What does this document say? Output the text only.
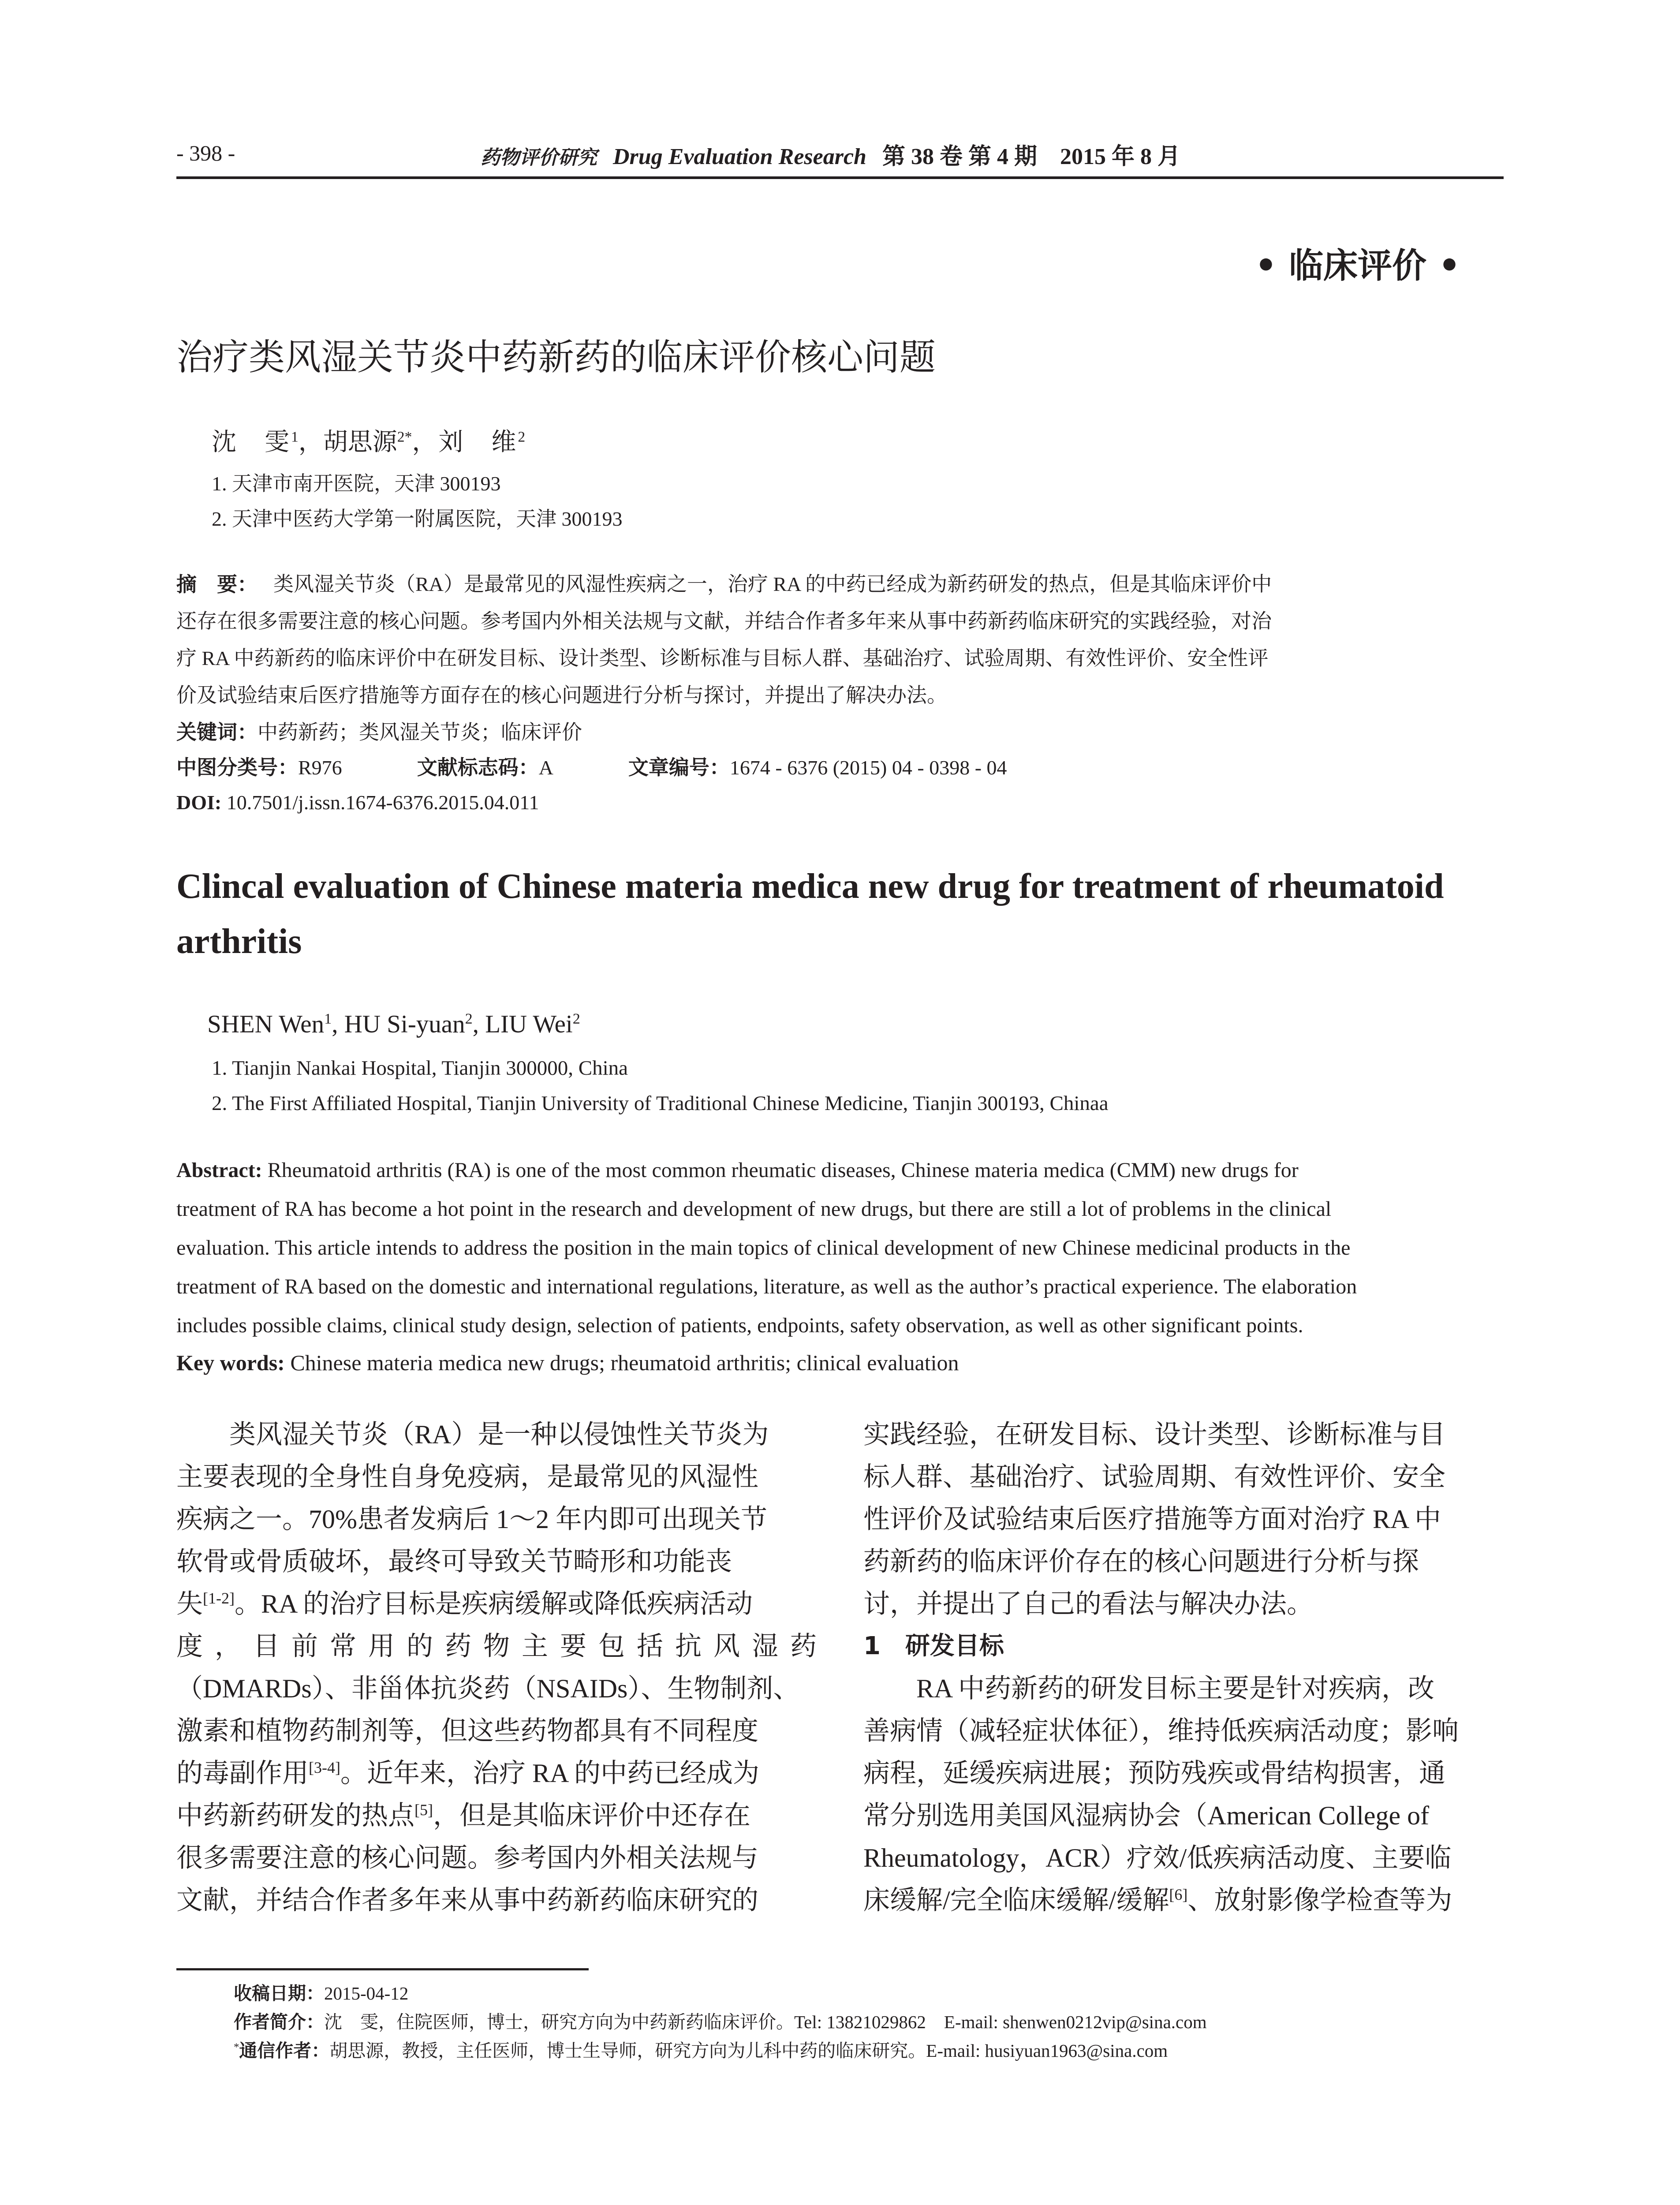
- 398 -	药物评价研究 Drug Evaluation Research 第 38 卷 第 4 期　2015 年 8 月
• 临床评价 •
治疗类风湿关节炎中药新药的临床评价核心问题
沈　雯$^1$，胡思源$^{2*}$，刘　维$^2$
1. 天津市南开医院，天津 300193
2. 天津中医药大学第一附属医院，天津 300193
摘　要： 类风湿关节炎（RA）是最常见的风湿性疾病之一，治疗 RA 的中药已经成为新药研发的热点，但是其临床评价中
还存在很多需要注意的核心问题。参考国内外相关法规与文献，并结合作者多年来从事中药新药临床研究的实践经验，对治
疗 RA 中药新药的临床评价中在研发目标、设计类型、诊断标准与目标人群、基础治疗、试验周期、有效性评价、安全性评
价及试验结束后医疗措施等方面存在的核心问题进行分析与探讨，并提出了解决办法。
关键词：中药新药；类风湿关节炎；临床评价
中图分类号：R976	文献标志码：A	文章编号：1674 - 6376 (2015) 04 - 0398 - 04
DOI: 10.7501/j.issn.1674-6376.2015.04.011
Clincal evaluation of Chinese materia medica new drug for treatment of rheumatoid
arthritis
SHEN Wen$^1$, HU Si-yuan$^2$, LIU Wei$^2$
1. Tianjin Nankai Hospital, Tianjin 300000, China
2. The First Affiliated Hospital, Tianjin University of Traditional Chinese Medicine, Tianjin 300193, Chinaa
Abstract: Rheumatoid arthritis (RA) is one of the most common rheumatic diseases, Chinese materia medica (CMM) new drugs for
treatment of RA has become a hot point in the research and development of new drugs, but there are still a lot of problems in the clinical
evaluation. This article intends to address the position in the main topics of clinical development of new Chinese medicinal products in the
treatment of RA based on the domestic and international regulations, literature, as well as the author’s practical experience. The elaboration
includes possible claims, clinical study design, selection of patients, endpoints, safety observation, as well as other significant points.
Key words: Chinese materia medica new drugs; rheumatoid arthritis; clinical evaluation
　　类风湿关节炎（RA）是一种以侵蚀性关节炎为
主要表现的全身性自身免疫病，是最常见的风湿性
疾病之一。70%患者发病后 1～2 年内即可出现关节
软骨或骨质破坏，最终可导致关节畸形和功能丧
失[1-2]。RA 的治疗目标是疾病缓解或降低疾病活动
度，目前常用的药物主要包括抗风湿药
（DMARDs）、非甾体抗炎药（NSAIDs）、生物制剂、
激素和植物药制剂等，但这些药物都具有不同程度
的毒副作用[3-4]。近年来，治疗 RA 的中药已经成为
中药新药研发的热点[5]，但是其临床评价中还存在
很多需要注意的核心问题。参考国内外相关法规与
文献，并结合作者多年来从事中药新药临床研究的
实践经验，在研发目标、设计类型、诊断标准与目
标人群、基础治疗、试验周期、有效性评价、安全
性评价及试验结束后医疗措施等方面对治疗 RA 中
药新药的临床评价存在的核心问题进行分析与探
讨，并提出了自己的看法与解决办法。
1　研发目标
　　RA 中药新药的研发目标主要是针对疾病，改
善病情（减轻症状体征），维持低疾病活动度；影响
病程，延缓疾病进展；预防残疾或骨结构损害，通
常分别选用美国风湿病协会（American College of
Rheumatology，ACR）疗效/低疾病活动度、主要临
床缓解/完全临床缓解/缓解[6]、放射影像学检查等为
收稿日期：2015-04-12
作者简介：沈　雯，住院医师，博士，研究方向为中药新药临床评价。Tel: 13821029862　E-mail: shenwen0212vip@sina.com
*通信作者：胡思源，教授，主任医师，博士生导师，研究方向为儿科中药的临床研究。E-mail: husiyuan1963@sina.com
